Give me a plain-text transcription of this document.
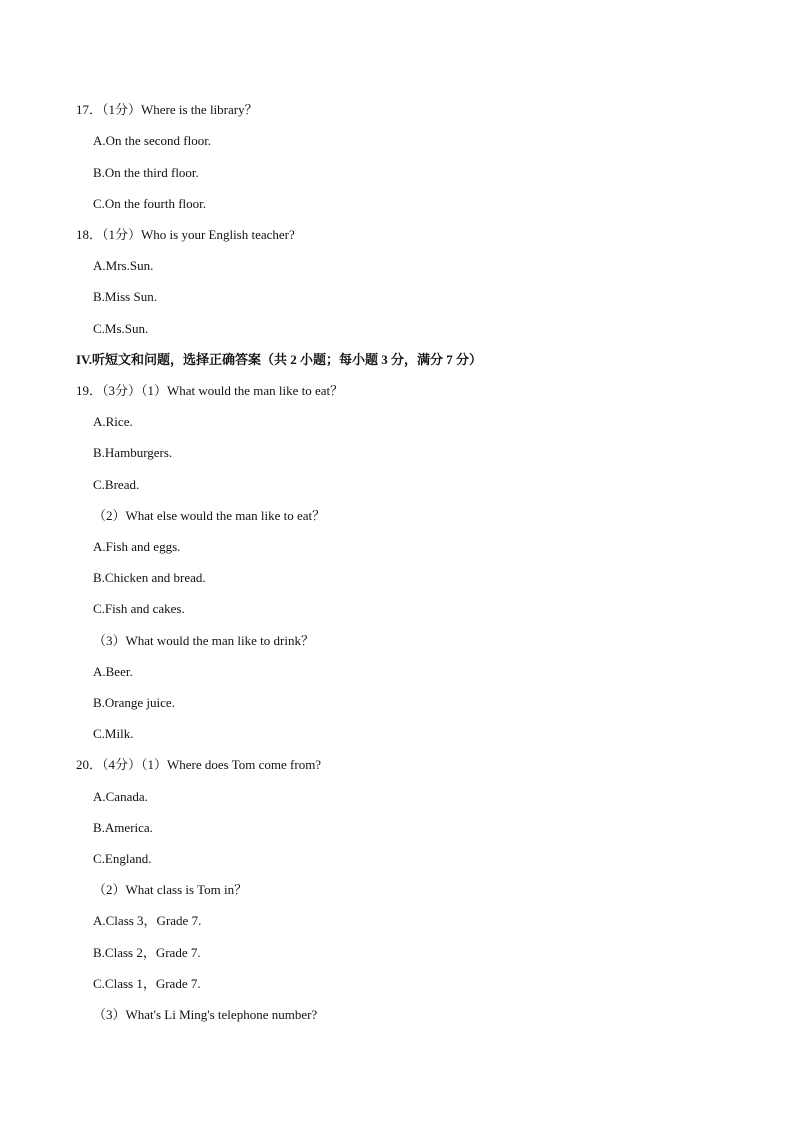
17．（1分）Where is the library？
A.On the second floor.
B.On the third floor.
C.On the fourth floor.
18．（1分）Who is your English teacher?
A.Mrs.Sun.
B.Miss Sun.
C.Ms.Sun.
IV.听短文和问题，选择正确答案（共 2 小题；每小题 3 分，满分 7 分）
19．（3分）（1）What would the man like to eat？
A.Rice.
B.Hamburgers.
C.Bread.
（2）What else would the man like to eat？
A.Fish and eggs.
B.Chicken and bread.
C.Fish and cakes.
（3）What would the man like to drink？
A.Beer.
B.Orange juice.
C.Milk.
20．（4分）（1）Where does Tom come from?
A.Canada.
B.America.
C.England.
（2）What class is Tom in？
A.Class 3，Grade 7.
B.Class 2，Grade 7.
C.Class 1，Grade 7.
（3）What's Li Ming's telephone number?
